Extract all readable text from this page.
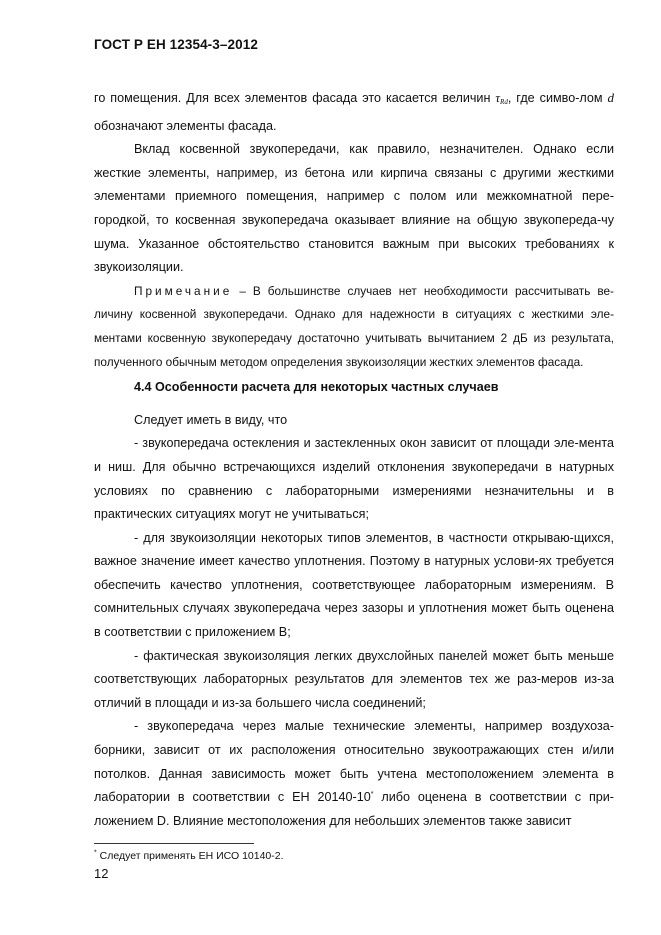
ГОСТ Р ЕН 12354-3–2012

го помещения. Для всех элементов фасада это касается величин $\tau_{Rd}$, где симво-лом d обозначают элементы фасада.

Вклад косвенной звукопередачи, как правило, незначителен. Однако если жесткие элементы, например, из бетона или кирпича связаны с другими жесткими элементами приемного помещения, например с полом или межкомнатной пере-городкой, то косвенная звукопередача оказывает влияние на общую звукопереда-чу шума. Указанное обстоятельство становится важным при высоких требованиях к звукоизоляции.

Примечание – В большинстве случаев нет необходимости рассчитывать ве-личину косвенной звукопередачи. Однако для надежности в ситуациях с жесткими эле-ментами косвенную звукопередачу достаточно учитывать вычитанием 2 дБ из результата, полученного обычным методом определения звукоизоляции жестких элементов фасада.

4.4 Особенности расчета для некоторых частных случаев

Следует иметь в виду, что

- звукопередача остекления и застекленных окон зависит от площади эле-мента и ниш. Для обычно встречающихся изделий отклонения звукопередачи в натурных условиях по сравнению с лабораторными измерениями незначительны и в практических ситуациях могут не учитываться;

- для звукоизоляции некоторых типов элементов, в частности открываю-щихся, важное значение имеет качество уплотнения. Поэтому в натурных услови-ях требуется обеспечить качество уплотнения, соответствующее лабораторным измерениям. В сомнительных случаях звукопередача через зазоры и уплотнения может быть оценена в соответствии с приложением В;

- фактическая звукоизоляция легких двухслойных панелей может быть меньше соответствующих лабораторных результатов для элементов тех же раз-меров из-за отличий в площади и из-за большего числа соединений;

- звукопередача через малые технические элементы, например воздухоза-борники, зависит от их расположения относительно звукоотражающих стен и/или потолков. Данная зависимость может быть учтена местоположением элемента в лаборатории в соответствии с ЕН 20140-10* либо оценена в соответствии с при-ложением D. Влияние местоположения для небольших элементов также зависит

* Следует применять ЕН ИСО 10140-2.
12
